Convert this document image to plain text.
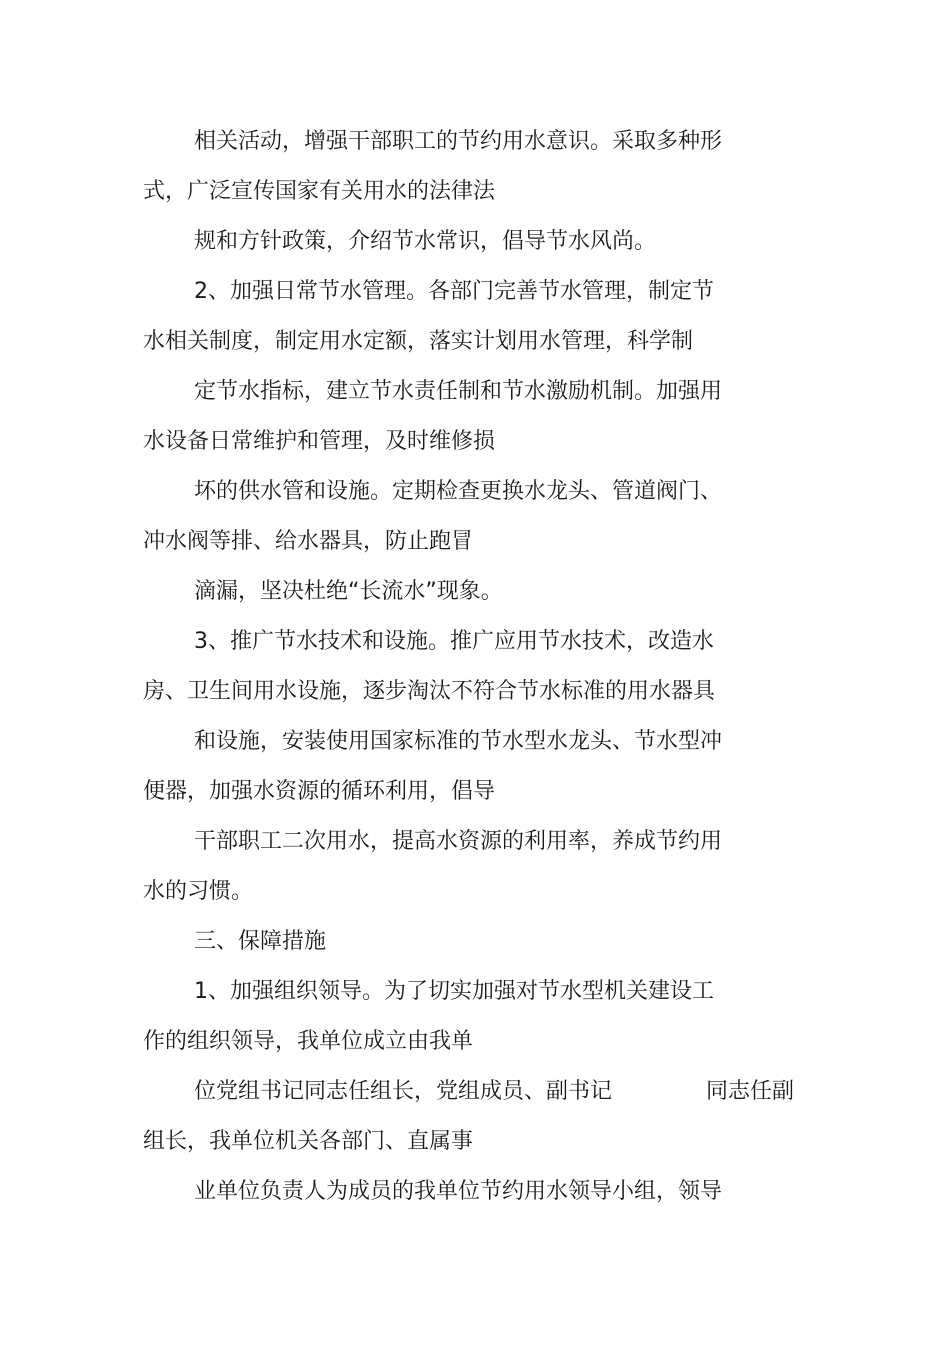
相关活动，增强干部职工的节约用水意识。采取多种形
式，广泛宣传国家有关用水的法律法
规和方针政策，介绍节水常识，倡导节水风尚。
2、加强日常节水管理。各部门完善节水管理，制定节
水相关制度，制定用水定额，落实计划用水管理，科学制
定节水指标，建立节水责任制和节水激励机制。加强用
水设备日常维护和管理，及时维修损
坏的供水管和设施。定期检查更换水龙头、管道阀门、
冲水阀等排、给水器具，防止跑冒
滴漏，坚决杜绝“长流水”现象。
3、推广节水技术和设施。推广应用节水技术，改造水
房、卫生间用水设施，逐步淘汰不符合节水标准的用水器具
和设施，安装使用国家标准的节水型水龙头、节水型冲
便器，加强水资源的循环利用，倡导
干部职工二次用水，提高水资源的利用率，养成节约用
水的习惯。
三、保障措施
1、加强组织领导。为了切实加强对节水型机关建设工
作的组织领导，我单位成立由我单
位党组书记同志任组长，党组成员、副书记	同志任副
组长，我单位机关各部门、直属事
业单位负责人为成员的我单位节约用水领导小组，领导
